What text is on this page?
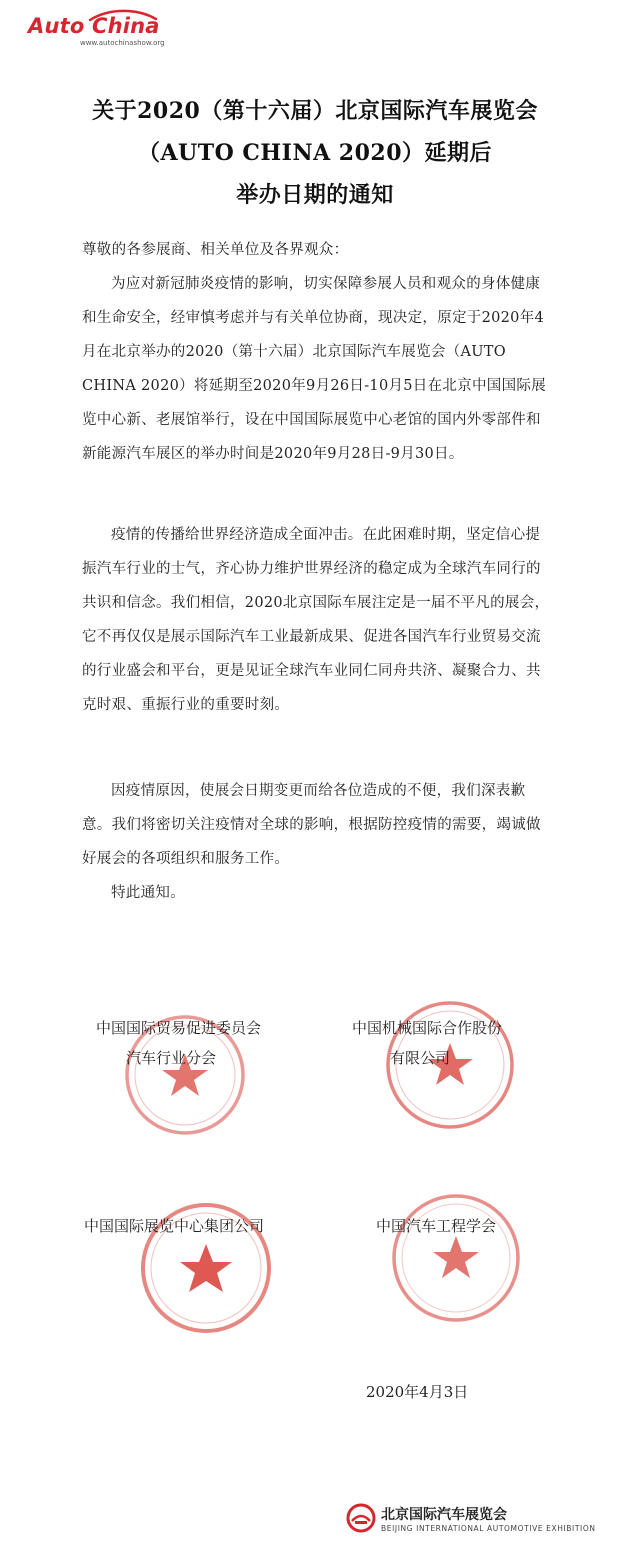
Auto China
www.autochinashow.org
关于2020（第十六届）北京国际汽车展览会
（AUTO CHINA 2020）延期后
举办日期的通知

尊敬的各参展商、相关单位及各界观众：

为应对新冠肺炎疫情的影响，切实保障参展人员和观众的身体健康和生命安全，经审慎考虑并与有关单位协商，现决定，原定于2020年4月在北京举办的2020（第十六届）北京国际汽车展览会（AUTO CHINA 2020）将延期至2020年9月26日-10月5日在北京中国国际展览中心新、老展馆举行，设在中国国际展览中心老馆的国内外零部件和新能源汽车展区的举办时间是2020年9月28日-9月30日。

疫情的传播给世界经济造成全面冲击。在此困难时期，坚定信心提振汽车行业的士气，齐心协力维护世界经济的稳定成为全球汽车同行的共识和信念。我们相信，2020北京国际车展注定是一届不平凡的展会，它不再仅仅是展示国际汽车工业最新成果、促进各国汽车行业贸易交流的行业盛会和平台，更是见证全球汽车业同仁同舟共济、凝聚合力、共克时艰、重振行业的重要时刻。

因疫情原因，使展会日期变更而给各位造成的不便，我们深表歉意。我们将密切关注疫情对全球的影响，根据防控疫情的需要，竭诚做好展会的各项组织和服务工作。

特此通知。

中国国际贸易促进委员会

汽车行业分会

中国机械国际合作股份

有限公司

中国国际展览中心集团公司	中国汽车工程学会

2020年4月3日

北京国际汽车展览会
BEIJING INTERNATIONAL AUTOMOTIVE EXHIBITION
